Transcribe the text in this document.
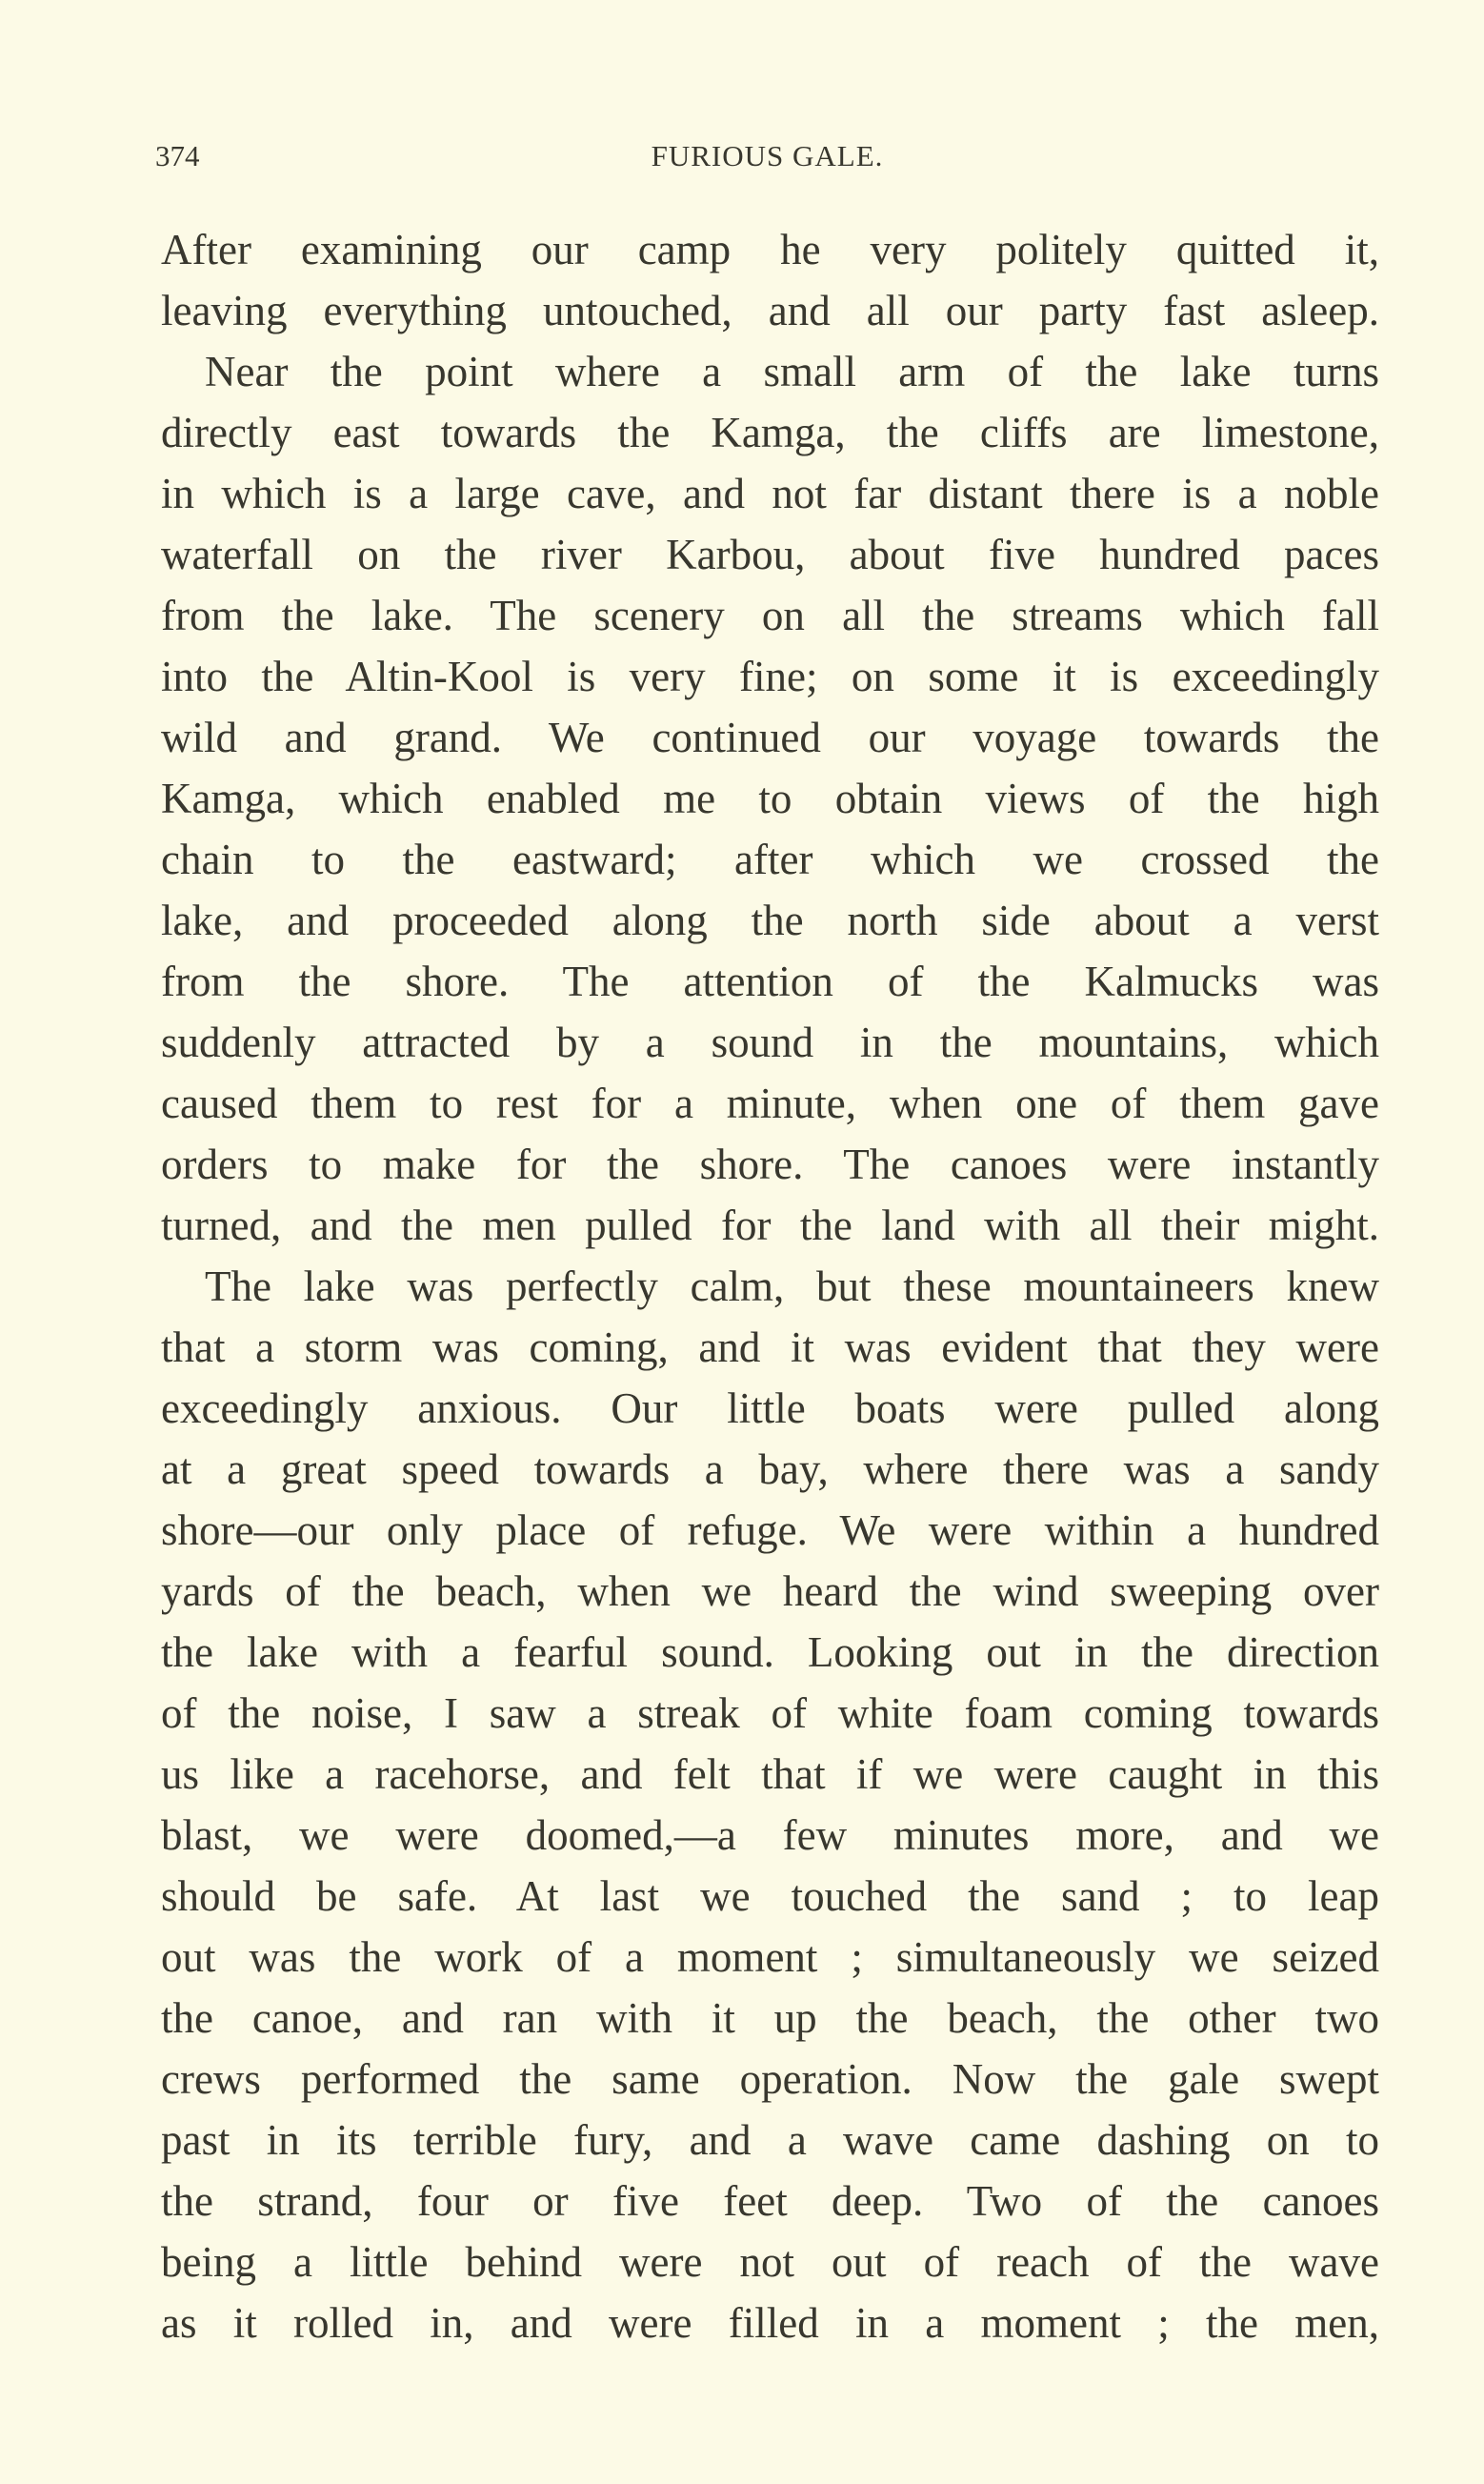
374	FURIOUS GALE.
After examining our camp he very politely quitted it,
leaving everything untouched, and all our party fast asleep.
Near the point where a small arm of the lake turns
directly east towards the Kamga, the cliffs are limestone,
in which is a large cave, and not far distant there is a noble
waterfall on the river Karbou, about five hundred paces
from the lake. The scenery on all the streams which fall
into the Altin-Kool is very fine; on some it is exceedingly
wild and grand. We continued our voyage towards the
Kamga, which enabled me to obtain views of the high
chain to the eastward; after which we crossed the
lake, and proceeded along the north side about a verst
from the shore. The attention of the Kalmucks was
suddenly attracted by a sound in the mountains, which
caused them to rest for a minute, when one of them gave
orders to make for the shore. The canoes were instantly
turned, and the men pulled for the land with all their might.
The lake was perfectly calm, but these mountaineers knew
that a storm was coming, and it was evident that they were
exceedingly anxious. Our little boats were pulled along
at a great speed towards a bay, where there was a sandy
shore—our only place of refuge. We were within a hundred
yards of the beach, when we heard the wind sweeping over
the lake with a fearful sound. Looking out in the direction
of the noise, I saw a streak of white foam coming towards
us like a racehorse, and felt that if we were caught in this
blast, we were doomed,—a few minutes more, and we
should be safe. At last we touched the sand ; to leap
out was the work of a moment ; simultaneously we seized
the canoe, and ran with it up the beach, the other two
crews performed the same operation. Now the gale swept
past in its terrible fury, and a wave came dashing on to
the strand, four or five feet deep. Two of the canoes
being a little behind were not out of reach of the wave
as it rolled in, and were filled in a moment ; the men,
